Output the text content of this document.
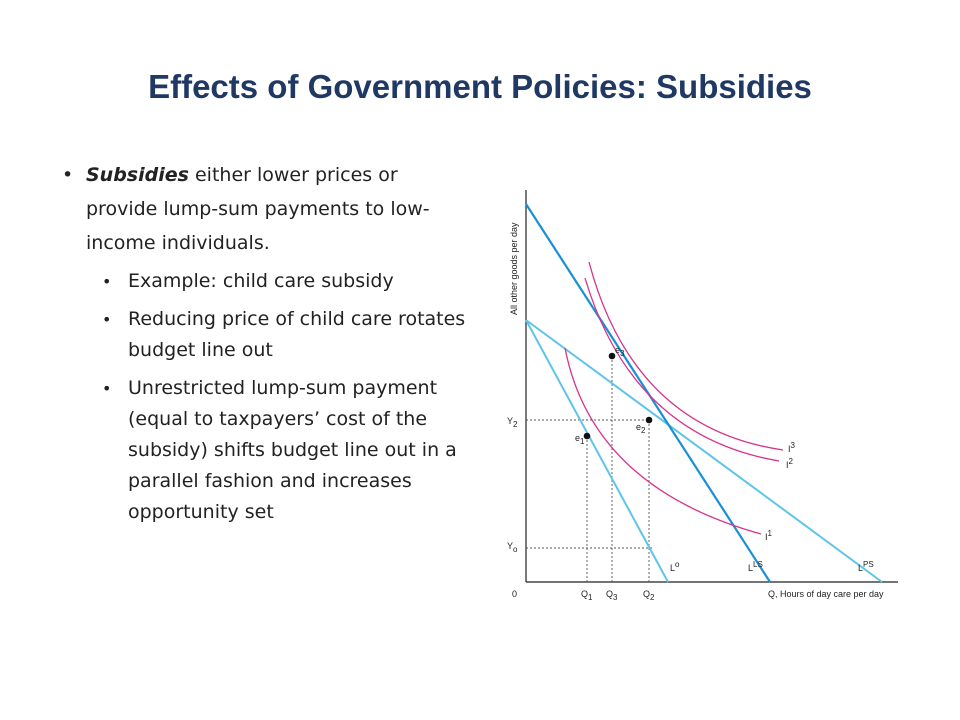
Effects of Government Policies: Subsidies
• Subsidies either lower prices or provide lump-sum payments to low-income individuals.
• Example: child care subsidy
• Reducing price of child care rotates budget line out
• Unrestricted lump-sum payment (equal to taxpayers’ cost of the subsidy) shifts budget line out in a parallel fashion and increases opportunity set
e1
e2
e3
I1
I2
I3
Lo	LLS	LPS
Y2
Yo
0	Q1 Q3	Q2	Q, Hours of day care per day
All other goods per day
